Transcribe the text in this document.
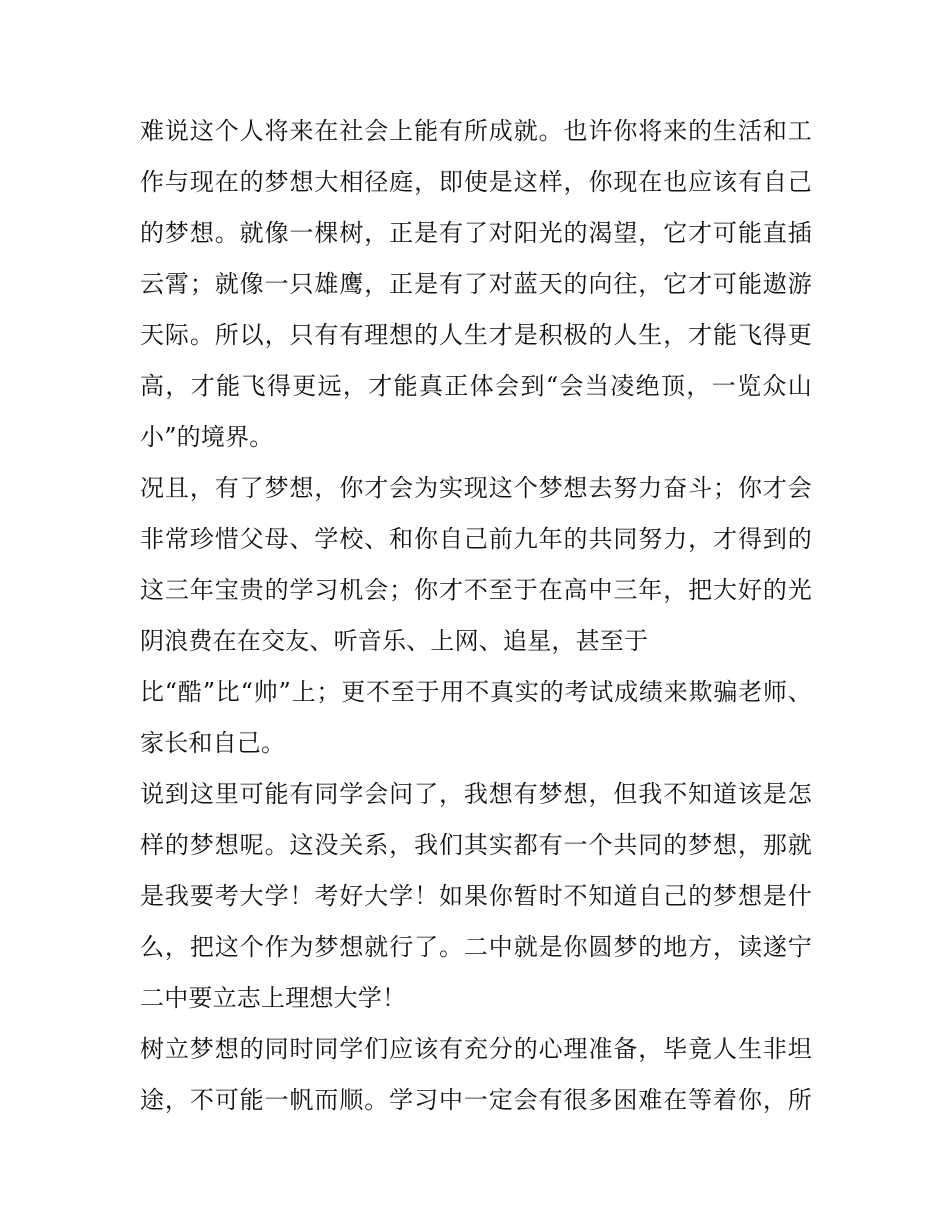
难说这个人将来在社会上能有所成就。也许你将来的生活和工
作与现在的梦想大相径庭，即使是这样，你现在也应该有自己
的梦想。就像一棵树，正是有了对阳光的渴望，它才可能直插
云霄；就像一只雄鹰，正是有了对蓝天的向往，它才可能遨游
天际。所以，只有有理想的人生才是积极的人生，才能飞得更
高，才能飞得更远，才能真正体会到“会当凌绝顶，一览众山
小”的境界。
况且，有了梦想，你才会为实现这个梦想去努力奋斗；你才会
非常珍惜父母、学校、和你自己前九年的共同努力，才得到的
这三年宝贵的学习机会；你才不至于在高中三年，把大好的光
阴浪费在在交友、听音乐、上网、追星，甚至于
比“酷”比“帅”上；更不至于用不真实的考试成绩来欺骗老师、
家长和自己。
说到这里可能有同学会问了，我想有梦想，但我不知道该是怎
样的梦想呢。这没关系，我们其实都有一个共同的梦想，那就
是我要考大学！考好大学！如果你暂时不知道自己的梦想是什
么，把这个作为梦想就行了。二中就是你圆梦的地方，读遂宁
二中要立志上理想大学！
树立梦想的同时同学们应该有充分的心理准备，毕竟人生非坦
途，不可能一帆而顺。学习中一定会有很多困难在等着你，所
